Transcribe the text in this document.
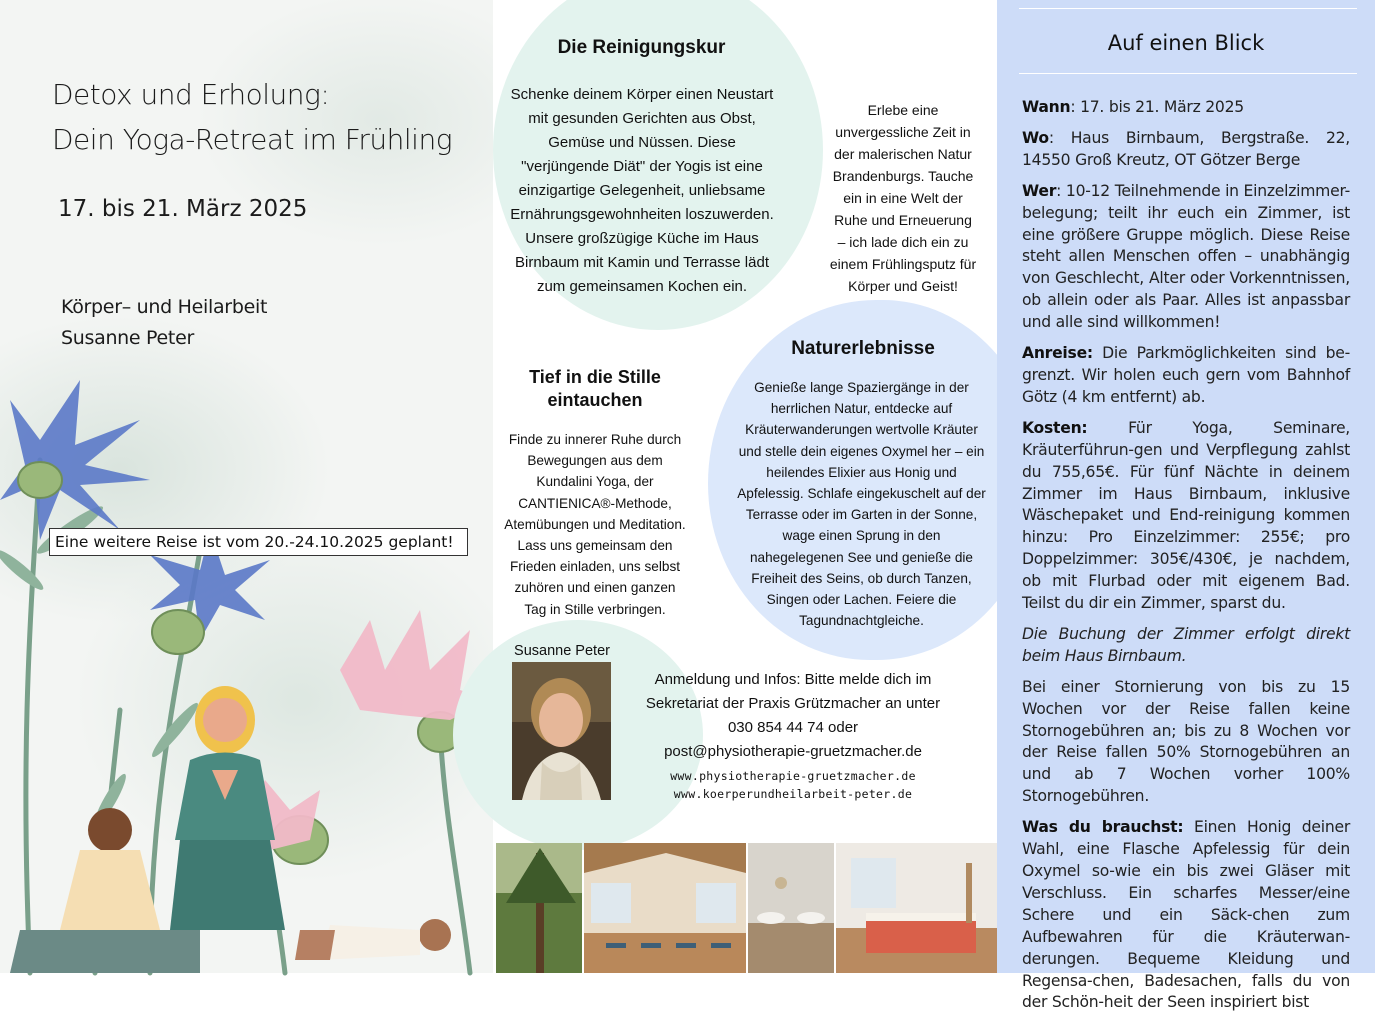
Detox und Erholung:
Dein Yoga-Retreat im Frühling
17. bis 21. März 2025
Körper– und Heilarbeit
Susanne Peter
Eine weitere Reise ist vom 20.-24.10.2025 geplant!
Die Reinigungskur
Schenke deinem Körper einen Neustart
mit gesunden Gerichten aus Obst,
Gemüse und Nüssen. Diese
"verjüngende Diät" der Yogis ist eine
einzigartige Gelegenheit, unliebsame
Ernährungsgewohnheiten loszuwerden.
Unsere großzügige Küche im Haus
Birnbaum mit Kamin und Terrasse lädt
zum gemeinsamen Kochen ein.
Erlebe eine
unvergessliche Zeit in
der malerischen Natur
Brandenburgs. Tauche
ein in eine Welt der
Ruhe und Erneuerung
– ich lade dich ein zu
einem Frühlingsputz für
Körper und Geist!
Tief in die Stille
eintauchen
Finde zu innerer Ruhe durch
Bewegungen aus dem
Kundalini Yoga, der
CANTIENICA®-Methode,
Atemübungen und Meditation.
Lass uns gemeinsam den
Frieden einladen, uns selbst
zuhören und einen ganzen
Tag in Stille verbringen.
Naturerlebnisse
Genieße lange Spaziergänge in der
herrlichen Natur, entdecke auf
Kräuterwanderungen wertvolle Kräuter
und stelle dein eigenes Oxymel her – ein
heilendes Elixier aus Honig und
Apfelessig. Schlafe eingekuschelt auf der
Terrasse oder im Garten in der Sonne,
wage einen Sprung in den
nahegelegenen See und genieße die
Freiheit des Seins, ob durch Tanzen,
Singen oder Lachen. Feiere die
Tagundnachtgleiche.
Susanne Peter
Anmeldung und Infos: Bitte melde dich im
Sekretariat der Praxis Grützmacher an unter
030 854 44 74 oder
post@physiotherapie-gruetzmacher.de
www.physiotherapie-gruetzmacher.de
www.koerperundheilarbeit-peter.de
Auf einen Blick

Wann: 17. bis 21. März 2025

Wo: Haus Birnbaum, Bergstraße. 22, 14550 Groß Kreutz, OT Götzer Berge

Wer: 10-12 Teilnehmende in Einzelzimmer-belegung; teilt ihr euch ein Zimmer, ist eine größere Gruppe möglich. Diese Reise steht allen Menschen offen – unabhängig von Geschlecht, Alter oder Vorkenntnissen, ob allein oder als Paar. Alles ist anpassbar und alle sind willkommen!

Anreise: Die Parkmöglichkeiten sind be-grenzt. Wir holen euch gern vom Bahnhof Götz (4 km entfernt) ab.

Kosten: Für Yoga, Seminare, Kräuterführun-gen und Verpflegung zahlst du 755,65€. Für fünf Nächte in deinem Zimmer im Haus Birnbaum, inklusive Wäschepaket und End-reinigung kommen hinzu: Pro Einzelzimmer: 255€; pro Doppelzimmer: 305€/430€, je nachdem, ob mit Flurbad oder mit eigenem Bad. Teilst du dir ein Zimmer, sparst du.

Die Buchung der Zimmer erfolgt direkt beim Haus Birnbaum.

Bei einer Stornierung von bis zu 15 Wochen vor der Reise fallen keine Stornogebühren an; bis zu 8 Wochen vor der Reise fallen 50% Stornogebühren an und ab 7 Wochen vorher 100% Stornogebühren.

Was du brauchst: Einen Honig deiner Wahl, eine Flasche Apfelessig für dein Oxymel so-wie ein bis zwei Gläser mit Verschluss. Ein scharfes Messer/eine Schere und ein Säck-chen zum Aufbewahren für die Kräuterwan-derungen. Bequeme Kleidung und Regensa-chen, Badesachen, falls du von der Schön-heit der Seen inspiriert bist
